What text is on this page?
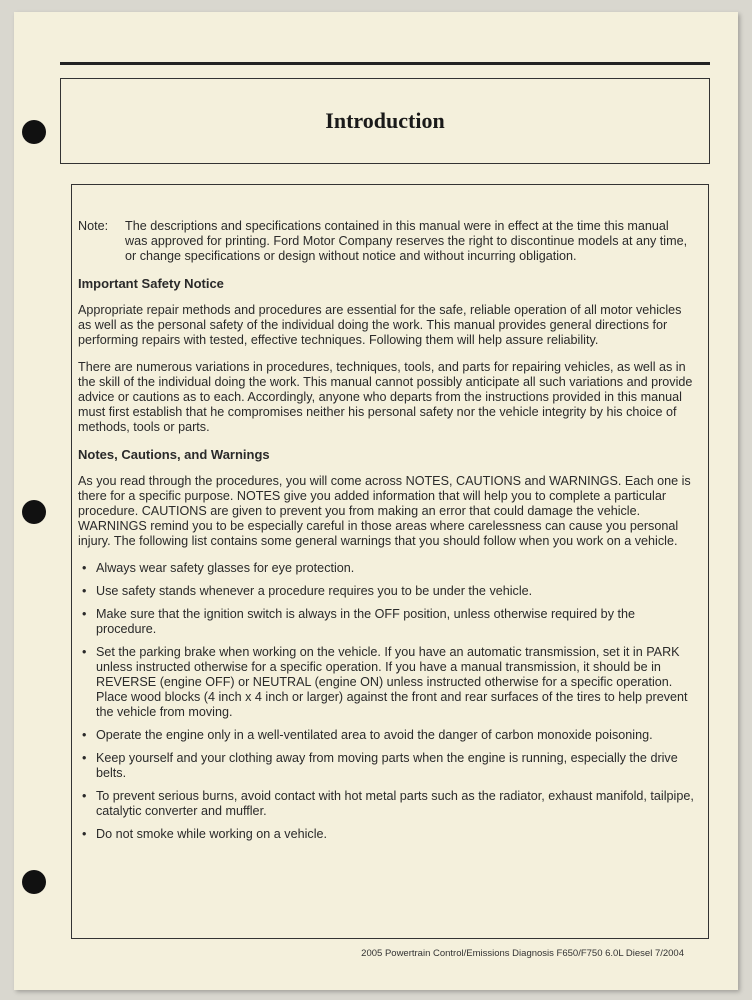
Introduction
Note:	The descriptions and specifications contained in this manual were in effect at the time this manual was approved for printing. Ford Motor Company reserves the right to discontinue models at any time, or change specifications or design without notice and without incurring obligation.
Important Safety Notice

Appropriate repair methods and procedures are essential for the safe, reliable operation of all motor vehicles as well as the personal safety of the individual doing the work. This manual provides general directions for performing repairs with tested, effective techniques. Following them will help assure reliability.

There are numerous variations in procedures, techniques, tools, and parts for repairing vehicles, as well as in the skill of the individual doing the work. This manual cannot possibly anticipate all such variations and provide advice or cautions as to each. Accordingly, anyone who departs from the instructions provided in this manual must first establish that he compromises neither his personal safety nor the vehicle integrity by his choice of methods, tools or parts.

Notes, Cautions, and Warnings

As you read through the procedures, you will come across NOTES, CAUTIONS and WARNINGS. Each one is there for a specific purpose. NOTES give you added information that will help you to complete a particular procedure. CAUTIONS are given to prevent you from making an error that could damage the vehicle. WARNINGS remind you to be especially careful in those areas where carelessness can cause you personal injury. The following list contains some general warnings that you should follow when you work on a vehicle.

• Always wear safety glasses for eye protection.
• Use safety stands whenever a procedure requires you to be under the vehicle.
• Make sure that the ignition switch is always in the OFF position, unless otherwise required by the procedure.
• Set the parking brake when working on the vehicle. If you have an automatic transmission, set it in PARK unless instructed otherwise for a specific operation. If you have a manual transmission, it should be in REVERSE (engine OFF) or NEUTRAL (engine ON) unless instructed otherwise for a specific operation. Place wood blocks (4 inch x 4 inch or larger) against the front and rear surfaces of the tires to help prevent the vehicle from moving.
• Operate the engine only in a well-ventilated area to avoid the danger of carbon monoxide poisoning.
• Keep yourself and your clothing away from moving parts when the engine is running, especially the drive belts.
• To prevent serious burns, avoid contact with hot metal parts such as the radiator, exhaust manifold, tailpipe, catalytic converter and muffler.
• Do not smoke while working on a vehicle.
2005 Powertrain Control/Emissions Diagnosis F650/F750 6.0L Diesel 7/2004
